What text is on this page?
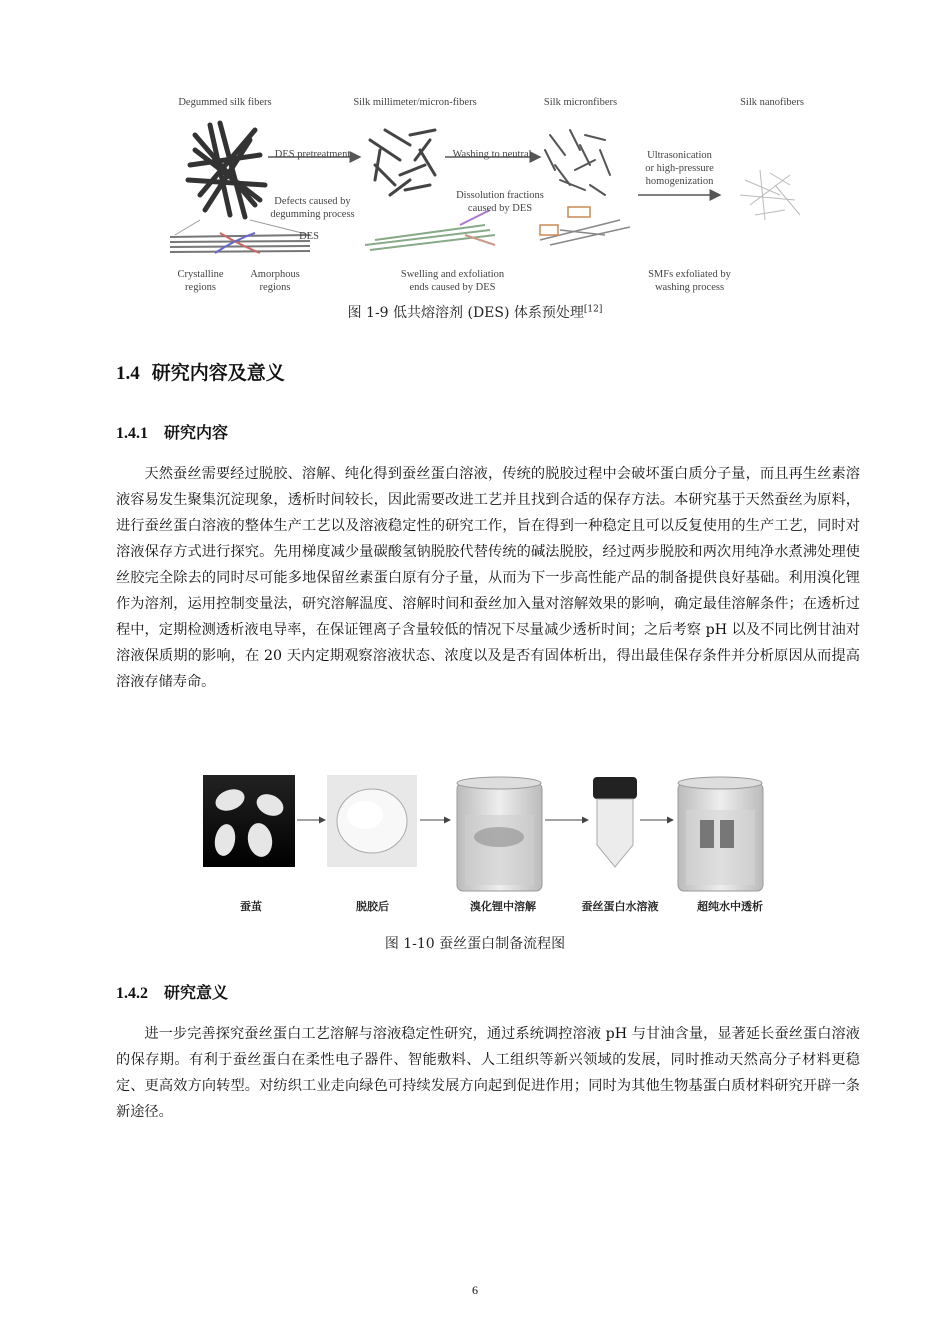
Degummed silk fibers	Silk millimeter/micron-fibers	Silk micronfibers	Silk nanofibers
DES pretreatment	Washing to neutral	Ultrasonication
or high-pressure
homogenization
Defects caused by
degumming process
DES
Dissolution fractions
caused by DES
Crystalline
regions
Amorphous
regions
Swelling and exfoliation
ends caused by DES
SMFs exfoliated by
washing process
图 1-9 低共熔溶剂 (DES) 体系预处理[12]
1.4 研究内容及意义
1.4.1 研究内容
天然蚕丝需要经过脱胶、溶解、纯化得到蚕丝蛋白溶液，传统的脱胶过程中会破坏蛋白质分子量，而且再生丝素溶液容易发生聚集沉淀现象，透析时间较长，因此需要改进工艺并且找到合适的保存方法。本研究基于天然蚕丝为原料，进行蚕丝蛋白溶液的整体生产工艺以及溶液稳定性的研究工作，旨在得到一种稳定且可以反复使用的生产工艺，同时对溶液保存方式进行探究。先用梯度减少量碳酸氢钠脱胶代替传统的碱法脱胶，经过两步脱胶和两次用纯净水煮沸处理使丝胶完全除去的同时尽可能多地保留丝素蛋白原有分子量，从而为下一步高性能产品的制备提供良好基础。利用溴化锂作为溶剂，运用控制变量法，研究溶解温度、溶解时间和蚕丝加入量对溶解效果的影响，确定最佳溶解条件；在透析过程中，定期检测透析液电导率，在保证锂离子含量较低的情况下尽量减少透析时间；之后考察 pH 以及不同比例甘油对溶液保质期的影响，在 20 天内定期观察溶液状态、浓度以及是否有固体析出，得出最佳保存条件并分析原因从而提高溶液存储寿命。
蚕茧	脱胶后	溴化锂中溶解	蚕丝蛋白水溶液	超纯水中透析
图 1-10 蚕丝蛋白制备流程图
1.4.2 研究意义
进一步完善探究蚕丝蛋白工艺溶解与溶液稳定性研究，通过系统调控溶液 pH 与甘油含量，显著延长蚕丝蛋白溶液的保存期。有利于蚕丝蛋白在柔性电子器件、智能敷料、人工组织等新兴领域的发展，同时推动天然高分子材料更稳定、更高效方向转型。对纺织工业走向绿色可持续发展方向起到促进作用；同时为其他生物基蛋白质材料研究开辟一条新途径。
6
